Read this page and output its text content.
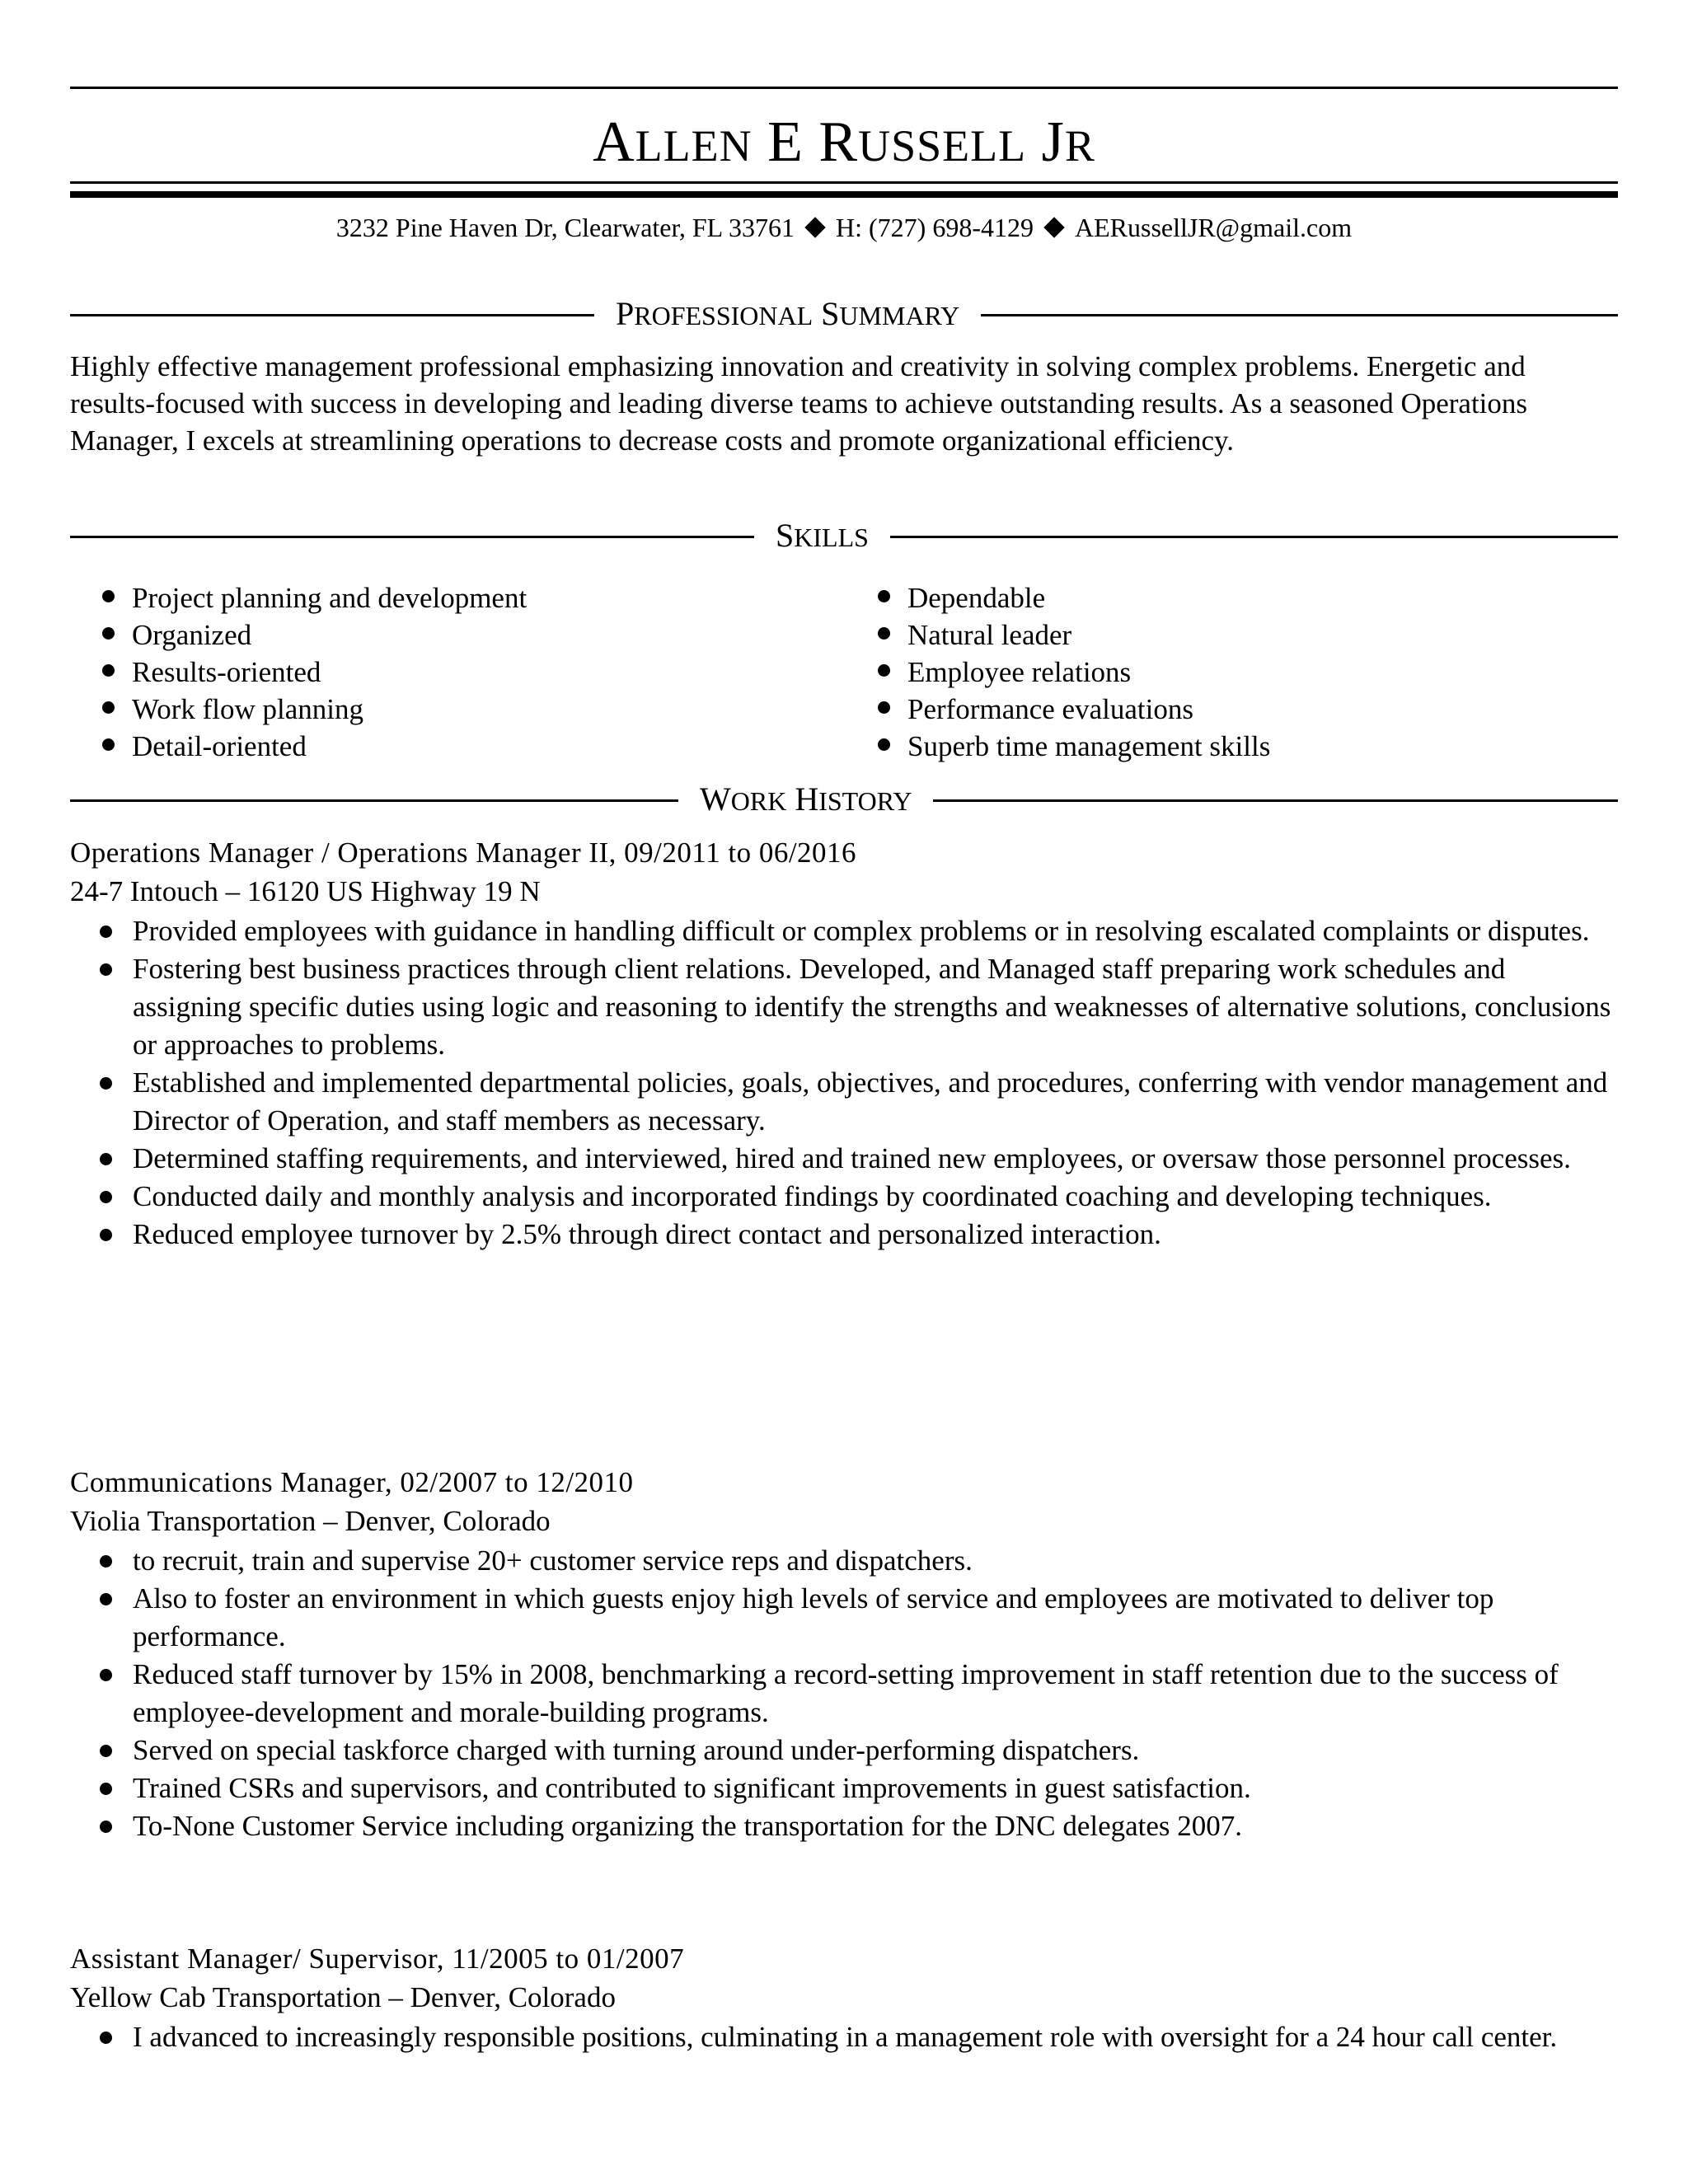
ALLEN E RUSSELL JR
3232 Pine Haven Dr, Clearwater, FL 33761 H: (727) 698-4129 AERussellJR@gmail.com
PROFESSIONAL SUMMARY
Highly effective management professional emphasizing innovation and creativity in solving complex problems. Energetic and results-focused with success in developing and leading diverse teams to achieve outstanding results. As a seasoned Operations Manager, I excels at streamlining operations to decrease costs and promote organizational efficiency.
SKILLS
Project planning and development
Organized
Results-oriented
Work flow planning
Detail-oriented
Dependable
Natural leader
Employee relations
Performance evaluations
Superb time management skills
WORK HISTORY
Operations Manager / Operations Manager II, 09/2011 to 06/2016
24-7 Intouch – 16120 US Highway 19 N
Provided employees with guidance in handling difficult or complex problems or in resolving escalated complaints or disputes.
Fostering best business practices through client relations. Developed, and Managed staff preparing work schedules and assigning specific duties using logic and reasoning to identify the strengths and weaknesses of alternative solutions, conclusions or approaches to problems.
Established and implemented departmental policies, goals, objectives, and procedures, conferring with vendor management and Director of Operation, and staff members as necessary.
Determined staffing requirements, and interviewed, hired and trained new employees, or oversaw those personnel processes.
Conducted daily and monthly analysis and incorporated findings by coordinated coaching and developing techniques.
Reduced employee turnover by 2.5% through direct contact and personalized interaction.
Communications Manager, 02/2007 to 12/2010
Violia Transportation – Denver, Colorado
to recruit, train and supervise 20+ customer service reps and dispatchers.
Also to foster an environment in which guests enjoy high levels of service and employees are motivated to deliver top performance.
Reduced staff turnover by 15% in 2008, benchmarking a record-setting improvement in staff retention due to the success of employee-development and morale-building programs.
Served on special taskforce charged with turning around under-performing dispatchers.
Trained CSRs and supervisors, and contributed to significant improvements in guest satisfaction.
To-None Customer Service including organizing the transportation for the DNC delegates 2007.
Assistant Manager/ Supervisor, 11/2005 to 01/2007
Yellow Cab Transportation – Denver, Colorado
I advanced to increasingly responsible positions, culminating in a management role with oversight for a 24 hour call center.
